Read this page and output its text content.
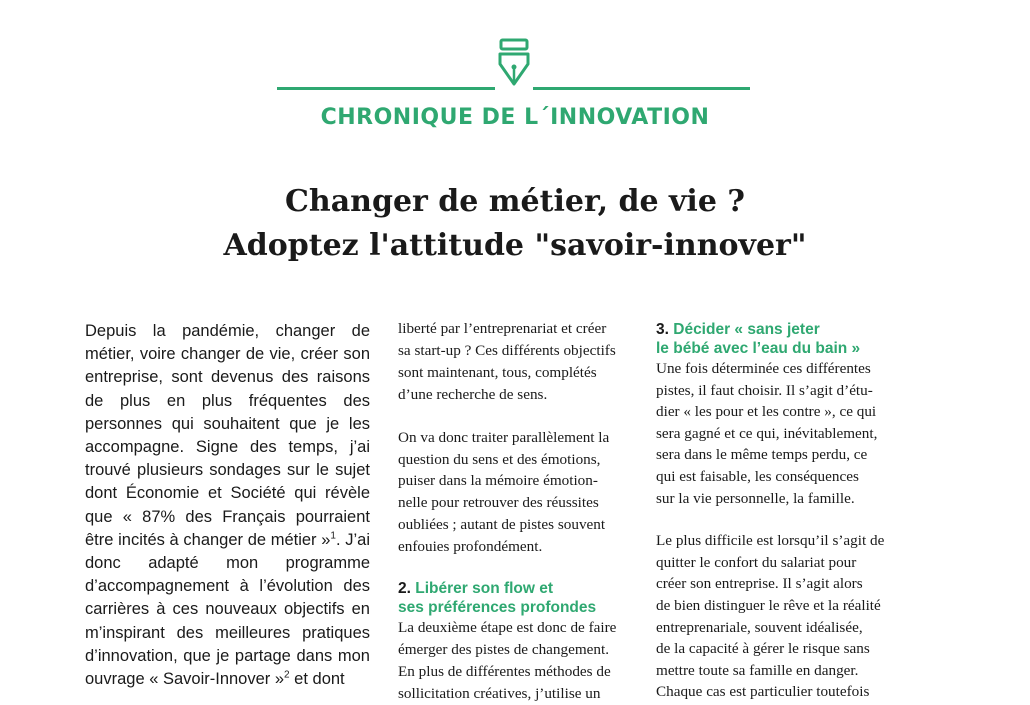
CHRONIQUE DE L´INNOVATION
Changer de métier, de vie ?
Adoptez l'attitude "savoir-innover"

Depuis la pandémie, changer de métier, voire changer de vie, créer son entreprise, sont devenus des raisons de plus en plus fréquentes des personnes qui souhaitent que je les accompagne. Signe des temps, j’ai trouvé plusieurs sondages sur le sujet dont Économie et Société qui révèle que « 87% des Français pourraient être incités à changer de métier »$^1$. J’ai donc adapté mon programme d’accompagnement à l’évolution des carrières à ces nouveaux objectifs en m’inspirant des meilleures pratiques d’innovation, que je partage dans mon ouvrage « Savoir-Innover »$^2$ et dont

liberté par l’entreprenariat et créer
sa start-up ? Ces différents objectifs
sont maintenant, tous, complétés
d’une recherche de sens.
On va donc traiter parallèlement la
question du sens et des émotions,
puiser dans la mémoire émotion-
nelle pour retrouver des réussites
oubliées ; autant de pistes souvent
enfouies profondément.
2. Libérer son flow et
ses préférences profondes
La deuxième étape est donc de faire
émerger des pistes de changement.
En plus de différentes méthodes de
sollicitation créatives, j’utilise un
3. Décider « sans jeter
le bébé avec l’eau du bain »
Une fois déterminée ces différentes
pistes, il faut choisir. Il s’agit d’étu-
dier « les pour et les contre », ce qui
sera gagné et ce qui, inévitablement,
sera dans le même temps perdu, ce
qui est faisable, les conséquences
sur la vie personnelle, la famille.
Le plus difficile est lorsqu’il s’agit de
quitter le confort du salariat pour
créer son entreprise. Il s’agit alors
de bien distinguer le rêve et la réalité
entreprenariale, souvent idéalisée,
de la capacité à gérer le risque sans
mettre toute sa famille en danger.
Chaque cas est particulier toutefois
